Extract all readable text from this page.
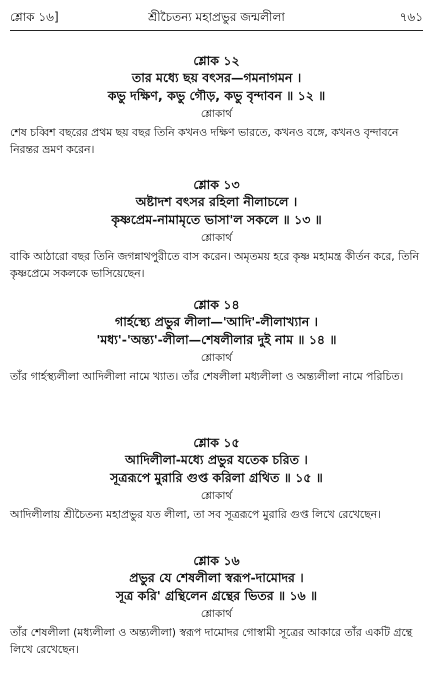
শ্লোক ১৬]	শ্রীচৈতন্য মহাপ্রভুর জন্মলীলা	৭৬১
শ্লোক ১২
তার মধ্যে ছয় বৎসর—গমনাগমন ।
কভু দক্ষিণ, কভু গৌড়, কভু বৃন্দাবন ॥ ১২ ॥
শ্লোকার্থ
শেষ চব্বিশ বছরের প্রথম ছয় বছর তিনি কখনও দক্ষিণ ভারতে, কখনও বঙ্গে, কখনও বৃন্দাবনে নিরন্তর ভ্রমণ করেন।
শ্লোক ১৩
অষ্টাদশ বৎসর রহিলা নীলাচলে ।
কৃষ্ণপ্রেম-নামামৃতে ভাসা'ল সকলে ॥ ১৩ ॥
শ্লোকার্থ
বাকি আঠারো বছর তিনি জগন্নাথপুরীতে বাস করেন। অমৃতময় হরে কৃষ্ণ মহামন্ত্র কীর্তন করে, তিনি কৃষ্ণপ্রেমে সকলকে ভাসিয়েছেন।
শ্লোক ১৪
গার্হস্থ্যে প্রভুর লীলা—'আদি'-লীলাখ্যান ।
'মধ্য'-'অন্ত্য'-লীলা—শেষলীলার দুই নাম ॥ ১৪ ॥
শ্লোকার্থ
তাঁর গার্হস্থ্যলীলা আদিলীলা নামে খ্যাত। তাঁর শেষলীলা মধ্যলীলা ও অন্ত্যলীলা নামে পরিচিত।
শ্লোক ১৫
আদিলীলা-মধ্যে প্রভুর যতেক চরিত ।
সূত্ররূপে মুরারি গুপ্ত করিলা গ্রথিত ॥ ১৫ ॥
শ্লোকার্থ
আদিলীলায় শ্রীচৈতন্য মহাপ্রভুর যত লীলা, তা সব সূত্ররূপে মুরারি গুপ্ত লিখে রেখেছেন।
শ্লোক ১৬
প্রভুর যে শেষলীলা স্বরূপ-দামোদর ।
সূত্র করি' গ্রন্থিলেন গ্রন্থের ভিতর ॥ ১৬ ॥
শ্লোকার্থ
তাঁর শেষলীলা (মধ্যলীলা ও অন্ত্যলীলা) স্বরূপ দামোদর গোস্বামী সূত্রের আকারে তাঁর একটি গ্রন্থে লিখে রেখেছেন।
